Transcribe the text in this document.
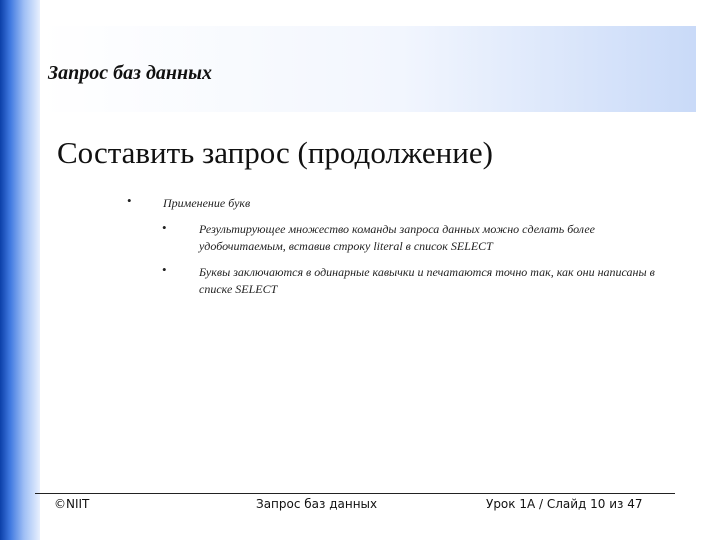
Запрос баз данных
Составить запрос (продолжение)
•	Применение букв
•	Результирующее множество команды запроса данных можно сделать более удобочитаемым, вставив строку literal в список SELECT
•	Буквы заключаются в одинарные кавычки и печатаются точно так, как они написаны в списке SELECT
©NIIT	Запрос баз данных	Урок 1А / Слайд 10 из 47
